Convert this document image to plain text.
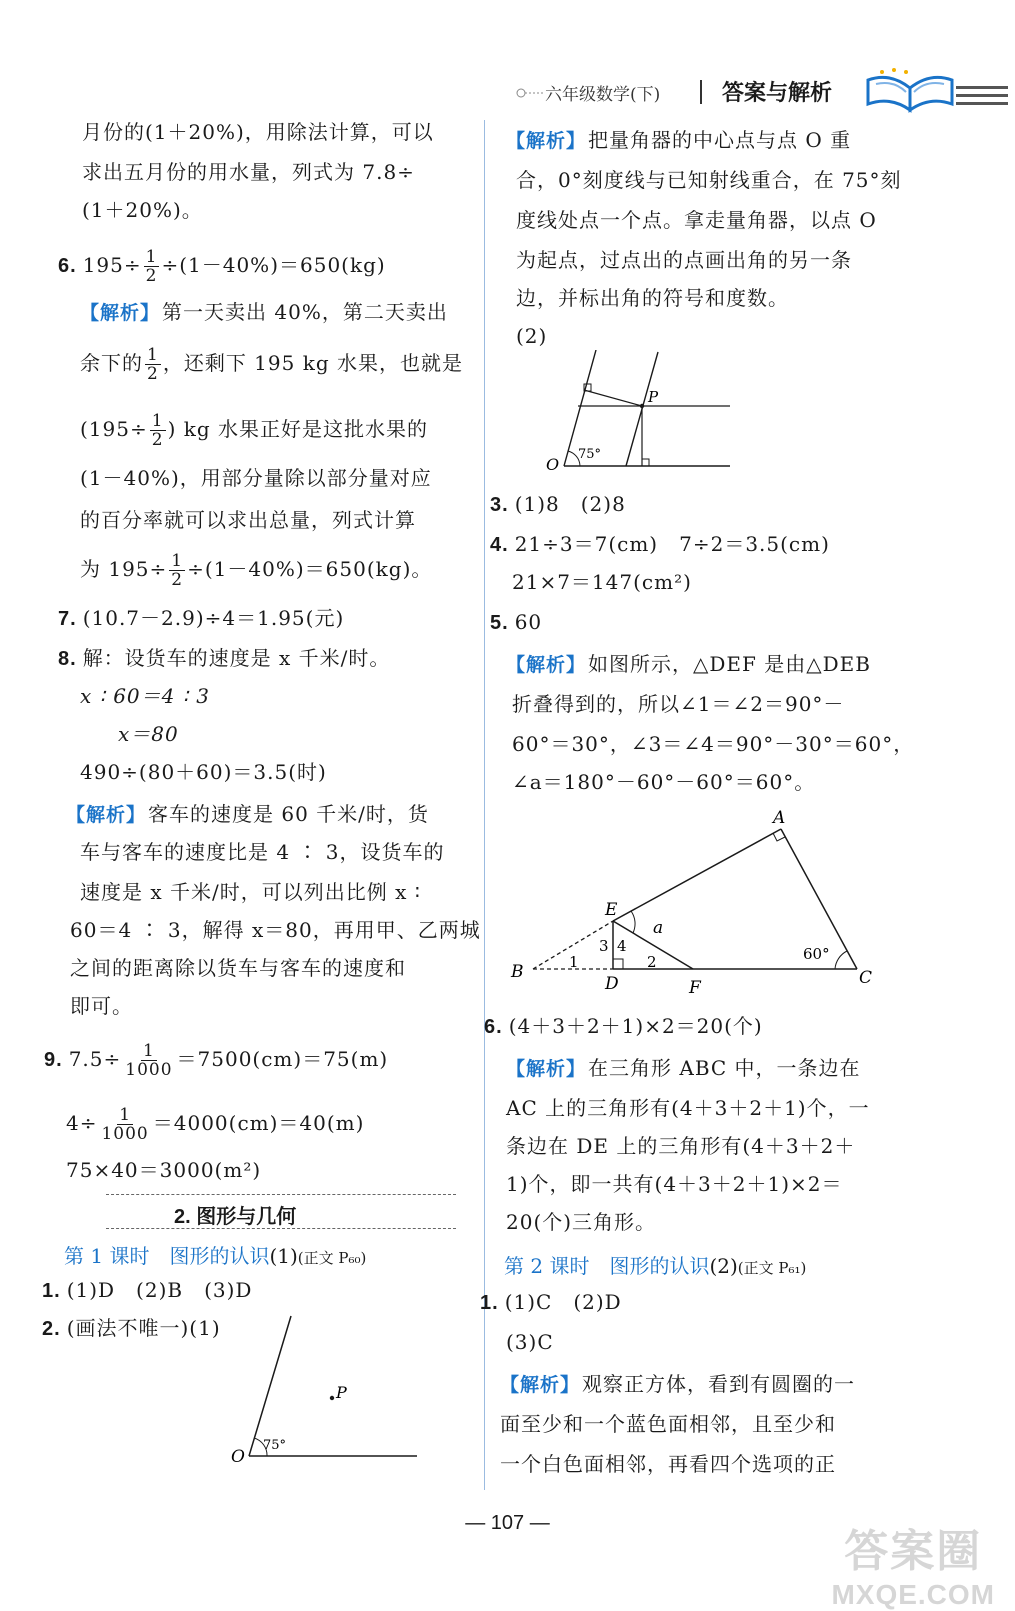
六年级数学(下)	答案与解析
月份的(1＋20%)，用除法计算，可以
求出五月份的用水量，列式为 7.8÷
(1＋20%)。
6. $195\div \frac{1}{2} \div(1-40\%)=650(kg)$
【解析】 第一天卖出 40%，第二天卖出
余下的 $\frac{1}{2}$ ，还剩下 195 kg 水果，也就是
($195\div \frac{1}{2}$ ) kg 水果正好是这批水果的
(1－40%)，用部分量除以部分量对应
的百分率就可以求出总量，列式计算
为 $195\div \frac{1}{2} \div(1-40\%)=650(kg)$。
7. (10.7－2.9)÷4＝1.95(元)
8. 解：设货车的速度是 x 千米/时。
x ∶ 60＝4 ∶ 3
x＝80
490÷(80＋60)＝3.5(时)
【解析】 客车的速度是 60 千米/时，货
车与客车的速度比是 4 ∶ 3，设货车的
速度是 x 千米/时，可以列出比例 x ∶
60＝4 ∶ 3，解得 x＝80，再用甲、乙两城
之间的距离除以货车与客车的速度和
即可。
9. $7.5\div \frac{1}{1000} =7500(cm)=75(m)$
$4\div \frac{1}{1000} =4000(cm)=40(m)$
75×40＝3000(m²)
2. 图形与几何
第 1 课时　图形的认识(1)(正文 P₆₀)
1. (1)D　(2)B　(3)D
2. (画法不唯一)(1)
75°
O
P
【解析】 把量角器的中心点与点 O 重
合，0°刻度线与已知射线重合，在 75°刻
度线处点一个点。拿走量角器，以点 O
为起点，过点出的点画出角的另一条
边，并标出角的符号和度数。
(2)
P
75°
O
3. (1)8　(2)8
4. 21÷3＝7(cm)　7÷2＝3.5(cm)
21×7＝147(cm²)
5. 60
【解析】 如图所示，△DEF 是由△DEB
折叠得到的，所以∠1＝∠2＝90°－
60°＝30°，∠3＝∠4＝90°－30°＝60°，
∠a＝180°－60°－60°＝60°。
A
B	C
D
E
F
a
1	2
3 4	60°
6. (4＋3＋2＋1)×2＝20(个)
【解析】 在三角形 ABC 中，一条边在
AC 上的三角形有(4＋3＋2＋1)个，一
条边在 DE 上的三角形有(4＋3＋2＋
1)个，即一共有(4＋3＋2＋1)×2＝
20(个)三角形。
第 2 课时　图形的认识(2)(正文 P₆₁)
1. (1)C　(2)D
(3)C
【解析】 观察正方体，看到有圆圈的一
面至少和一个蓝色面相邻，且至少和
一个白色面相邻，再看四个选项的正
— 107 —
答案圈
MXQE.COM
